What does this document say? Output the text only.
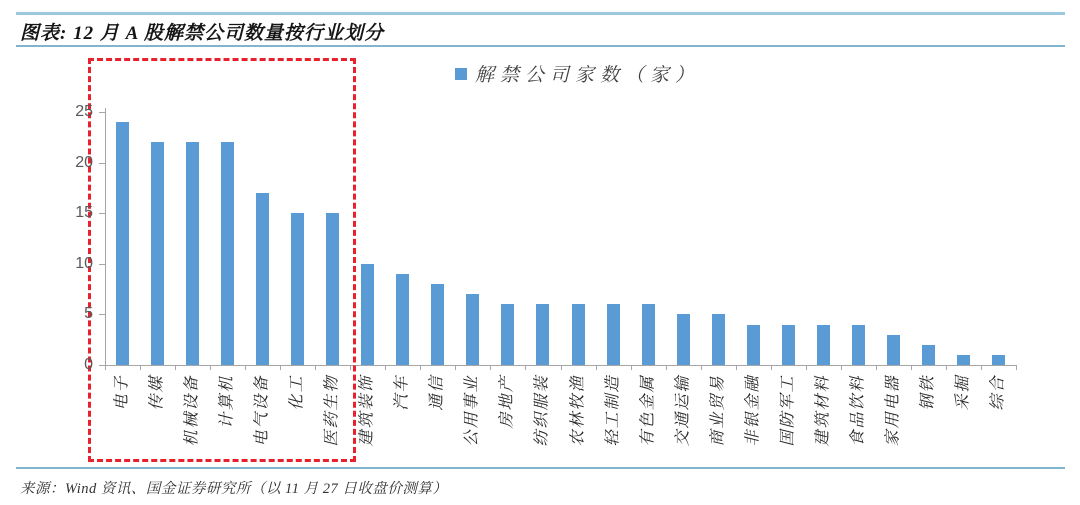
图表: 12 月 A 股解禁公司数量按行业划分
解禁公司家数（家）
0
5
10
15
20
25
电子 传媒 机械设备 计算机 电气设备 化工 医药生物 建筑装饰 汽车 通信 公用事业 房地产 纺织服装 农林牧渔 轻工制造 有色金属 交通运输 商业贸易 非银金融 国防军工 建筑材料 食品饮料 家用电器 钢铁 采掘 综合
来源：Wind 资讯、国金证券研究所（以 11 月 27 日收盘价测算）
